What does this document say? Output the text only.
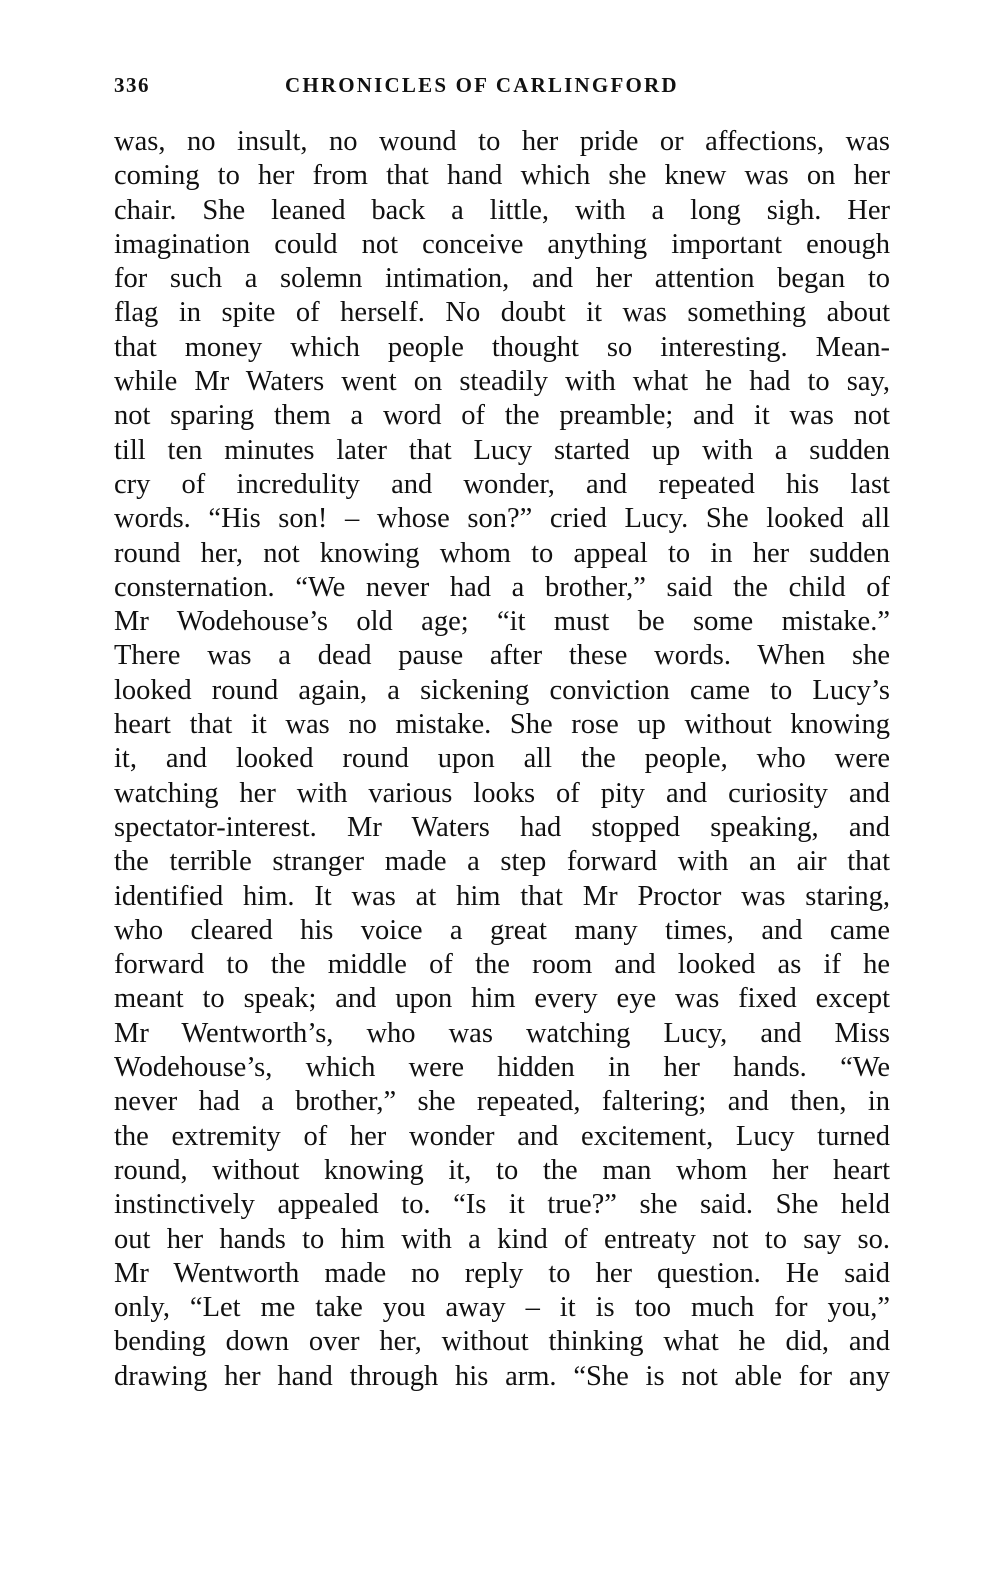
336	CHRONICLES OF CARLINGFORD
was, no insult, no wound to her pride or affections, was
coming to her from that hand which she knew was on her
chair. She leaned back a little, with a long sigh. Her
imagination could not conceive anything important enough
for such a solemn intimation, and her attention began to
flag in spite of herself. No doubt it was something about
that money which people thought so interesting. Mean-
while Mr Waters went on steadily with what he had to say,
not sparing them a word of the preamble; and it was not
till ten minutes later that Lucy started up with a sudden
cry of incredulity and wonder, and repeated his last
words. “His son! – whose son?” cried Lucy. She looked all
round her, not knowing whom to appeal to in her sudden
consternation. “We never had a brother,” said the child of
Mr Wodehouse’s old age; “it must be some mistake.”
There was a dead pause after these words. When she
looked round again, a sickening conviction came to Lucy’s
heart that it was no mistake. She rose up without knowing
it, and looked round upon all the people, who were
watching her with various looks of pity and curiosity and
spectator-interest. Mr Waters had stopped speaking, and
the terrible stranger made a step forward with an air that
identified him. It was at him that Mr Proctor was staring,
who cleared his voice a great many times, and came
forward to the middle of the room and looked as if he
meant to speak; and upon him every eye was fixed except
Mr Wentworth’s, who was watching Lucy, and Miss
Wodehouse’s, which were hidden in her hands. “We
never had a brother,” she repeated, faltering; and then, in
the extremity of her wonder and excitement, Lucy turned
round, without knowing it, to the man whom her heart
instinctively appealed to. “Is it true?” she said. She held
out her hands to him with a kind of entreaty not to say so.
Mr Wentworth made no reply to her question. He said
only, “Let me take you away – it is too much for you,”
bending down over her, without thinking what he did, and
drawing her hand through his arm. “She is not able for any
